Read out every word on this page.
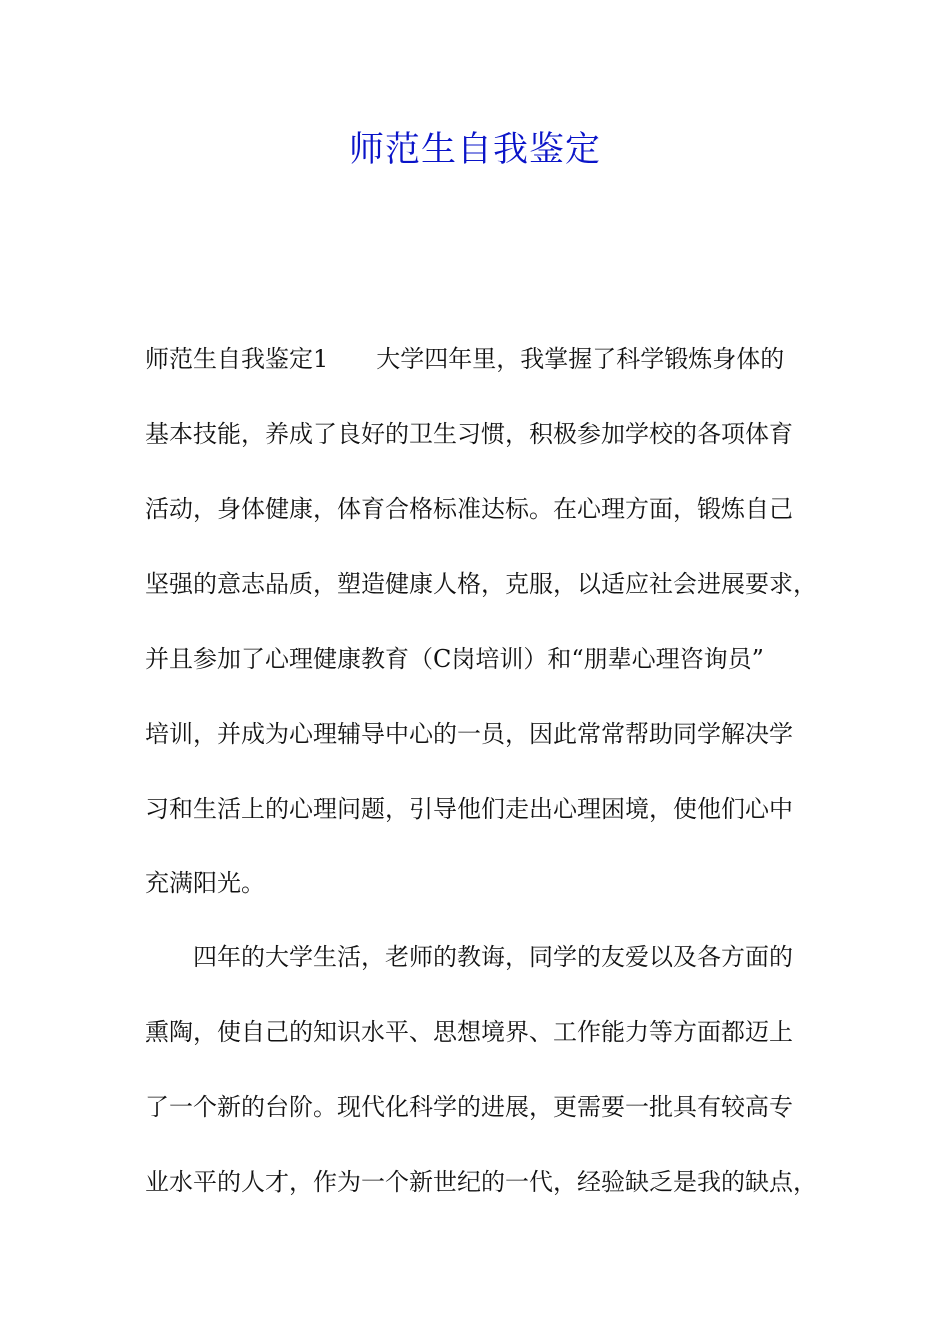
师范生自我鉴定
师范生自我鉴定1 大学四年里，我掌握了科学锻炼身体的
基本技能，养成了良好的卫生习惯，积极参加学校的各项体育
活动，身体健康，体育合格标准达标。在心理方面，锻炼自己
坚强的意志品质，塑造健康人格，克服，以适应社会进展要求，
并且参加了心理健康教育（C岗培训）和“朋辈心理咨询员”
培训，并成为心理辅导中心的一员，因此常常帮助同学解决学
习和生活上的心理问题，引导他们走出心理困境，使他们心中
充满阳光。
四年的大学生活，老师的教诲，同学的友爱以及各方面的
熏陶，使自己的知识水平、思想境界、工作能力等方面都迈上
了一个新的台阶。现代化科学的进展，更需要一批具有较高专
业水平的人才，作为一个新世纪的一代，经验缺乏是我的缺点，
